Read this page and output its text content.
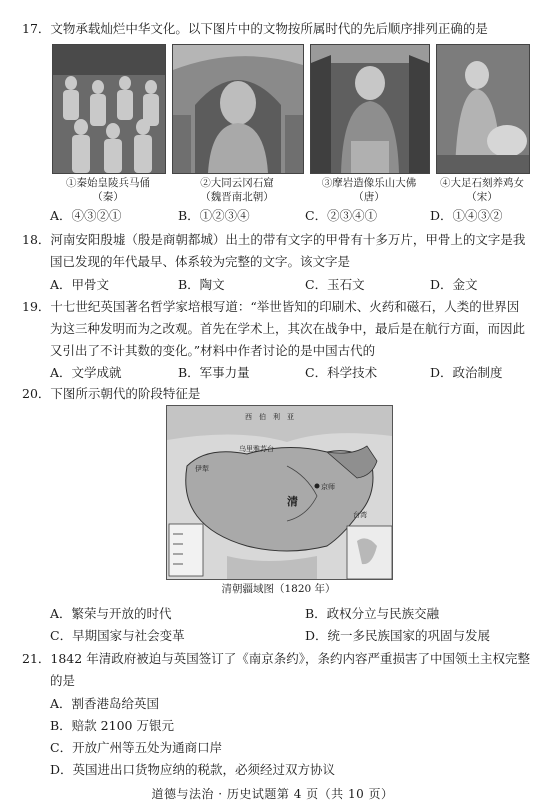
17．文物承载灿烂中华文化。以下图片中的文物按所属时代的先后顺序排列正确的是
①秦始皇陵兵马俑
（秦）
②大同云冈石窟
（魏晋南北朝）
③摩岩造像乐山大佛
（唐）
④大足石刻养鸡女
（宋）
A．④③②①	B．①②③④	C．②③④①	D．①④③②
18．河南安阳殷墟（殷是商朝都城）出土的带有文字的甲骨有十多万片，甲骨上的文字是我
国已发现的年代最早、体系较为完整的文字。该文字是
A．甲骨文	B．陶文	C．玉石文	D．金文
19．十七世纪英国著名哲学家培根写道：“举世皆知的印刷术、火药和磁石，人类的世界因
为这三种发明而为之改观。首先在学术上，其次在战争中，最后是在航行方面，而因此
又引出了不计其数的变化。”材料中作者讨论的是中国古代的
A．文学成就	B．军事力量	C．科学技术	D．政治制度
20．下图所示朝代的阶段特征是
西　伯　利　亚
乌里雅苏台
伊犁
清
京师
台湾
清朝疆域图（1820 年）
A．繁荣与开放的时代	B．政权分立与民族交融
C．早期国家与社会变革	D．统一多民族国家的巩固与发展
21．1842 年清政府被迫与英国签订了《南京条约》，条约内容严重损害了中国领土主权完整
的是
A．割香港岛给英国
B．赔款 2100 万银元
C．开放广州等五处为通商口岸
D．英国进出口货物应纳的税款，必须经过双方协议
道德与法治 · 历史试题第 4 页（共 10 页）
